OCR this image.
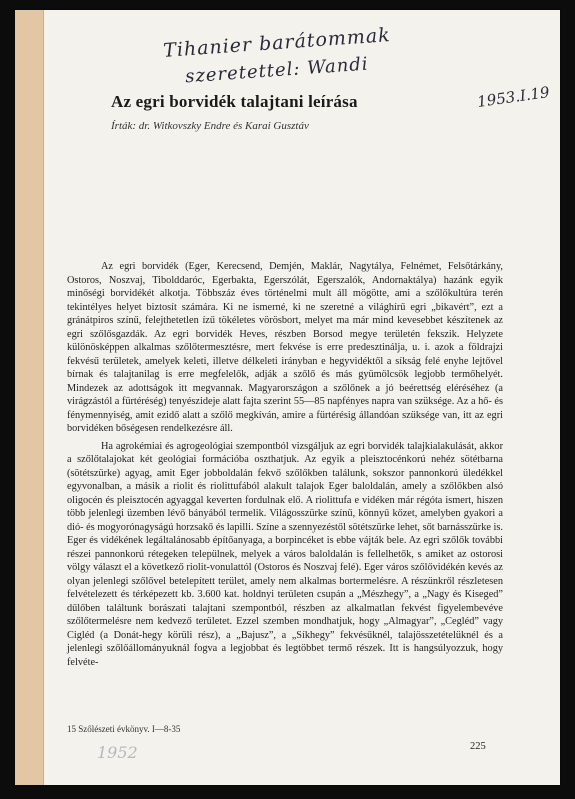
Tihanier barátommak
szeretettel: Wandi
1953.I.19
Az egri borvidék talajtani leírása
Írták: dr. Witkovszky Endre és Karai Gusztáv

Az egri borvidék (Eger, Kerecsend, Demjén, Maklár, Nagytálya, Felnémet, Felsőtárkány, Ostoros, Noszvaj, Tibolddaróc, Egerbakta, Egerszólát, Egerszalók, Andornaktálya) hazánk egyik minőségi borvidékét alkotja. Többszáz éves történelmi mult áll mögötte, ami a szőlőkultúra terén tekintélyes helyet biztosít számára. Ki ne ismerné, ki ne szeretné a világhírű egri „bikavért”, ezt a gránátpiros színű, felejthetetlen ízű tökéletes vörösbort, melyet ma már mind kevesebbet készítenek az egri szőlősgazdák. Az egri borvidék Heves, részben Borsod megye területén fekszik. Helyzete különösképpen alkalmas szőlőtermesztésre, mert fekvése is erre predesztinálja, u. i. azok a földrajzi fekvésű területek, amelyek keleti, illetve délkeleti irányban e hegyvidéktől a síkság felé enyhe lejtővel bírnak és talajtanilag is erre megfelelők, adják a szőlő és más gyümölcsök legjobb termőhelyét. Mindezek az adottságok itt megvannak. Magyarországon a szőlőnek a jó beérettség eléréséhez (a virágzástól a fürtéréség) tenyészideje alatt fajta szerint 55—85 napfényes napra van szüksége. Az a hő- és fénymennyiség, amit ezidő alatt a szőlő megkíván, amire a fürtérésig állandóan szüksége van, itt az egri borvidéken bőségesen rendelkezésre áll.

Ha agrokémiai és agrogeológiai szempontból vizsgáljuk az egri borvidék talajkialakulását, akkor a szőlőtalajokat két geológiai formációba oszthatjuk. Az egyik a pleisztocénkorú nehéz sötétbarna (sötétszürke) agyag, amit Eger jobboldalán fekvő szőlőkben találunk, sokszor pannonkorú üledékkel egyvonalban, a másik a riolit és riolittufából alakult talajok Eger baloldalán, amely a szőlőkben alsó oligocén és pleisztocén agyaggal keverten fordulnak elő. A riolittufa e vidéken már régóta ismert, hiszen több jelenlegi üzemben lévő bányából termelik. Világosszürke színű, könnyű kőzet, amelyben gyakori a dió- és mogyorónagyságú horzsakő és lapilli. Színe a szennyezéstől sötétszürke lehet, sőt barnásszürke is. Eger és vidékének legáltalánosabb építőanyaga, a borpincéket is ebbe vájták bele. Az egri szőlők további részei pannonkorú rétegeken települnek, melyek a város baloldalán is fellelhetők, s amiket az ostorosi völgy választ el a következő riolit-vonulattól (Ostoros és Noszvaj felé). Eger város szőlővidékén kevés az olyan jelenlegi szőlővel betelepített terület, amely nem alkalmas bortermelésre. A részünkről részletesen felvételezett és térképezett kb. 3.600 kat. holdnyi területen csupán a „Mészhegy”, a „Nagy és Kiseged” dűlőben találtunk borászati talajtani szempontból, részben az alkalmatlan fekvést figyelembevéve szőlőtermelésre nem kedvező területet. Ezzel szemben mondhatjuk, hogy „Almagyar”, „Cegléd” vagy Cigléd (a Donát-hegy körüli rész), a „Bajusz”, a „Síkhegy” fekvésűknél, talajösszetételüknél és a jelenlegi szőlőállományuknál fogva a legjobbat és legtöbbet termő részek. Itt is hangsúlyozzuk, hogy felvéte-

15 Szőlészeti évkönyv. I—8-35
225
1952
